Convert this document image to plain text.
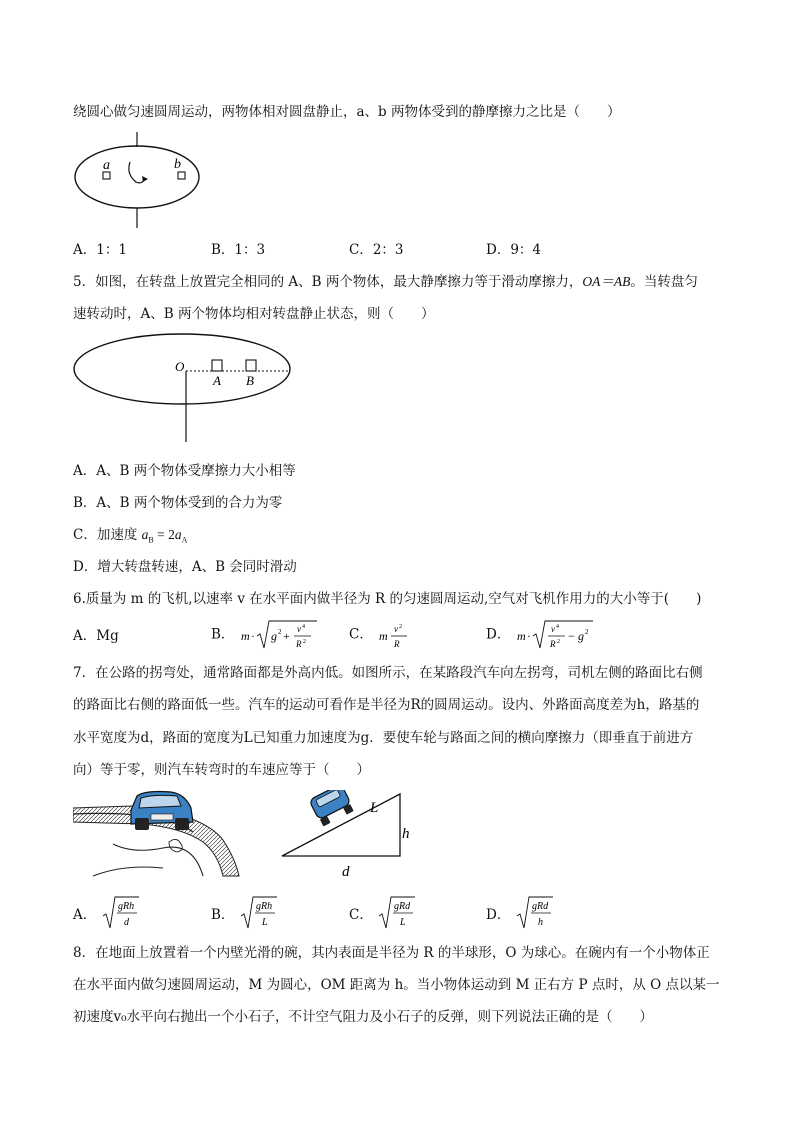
绕圆心做匀速圆周运动，两物体相对圆盘静止，a、b 两物体受到的静摩擦力之比是（　　）
a	b
A．1：1	B．1：3	C．2：3	D．9：4
5．如图，在转盘上放置完全相同的 A、B 两个物体，最大静摩擦力等于滑动摩擦力，OA＝AB。当转盘匀
速转动时，A、B 两个物体均相对转盘静止状态，则（　　）
O
A B
A．A、B 两个物体受摩擦力大小相等
B．A、B 两个物体受到的合力为零
C．加速度 $a_B = 2a_A$
D．增大转盘转速，A、B 会同时滑动
6.质量为 m 的飞机,以速率 v 在水平面内做半径为 R 的匀速圆周运动,空气对飞机作用力的大小等于(　　)
A．Mg	B． m · g 2 + v 4
R 2	C． m v 2
R
D． m · v 4
R 2 − g 2
7．在公路的拐弯处，通常路面都是外高内低。如图所示，在某路段汽车向左拐弯，司机左侧的路面比右侧
的路面比右侧的路面低一些。汽车的运动可看作是半径为R的圆周运动。设内、外路面高度差为h，路基的
水平宽度为d，路面的宽度为L已知重力加速度为g．要使车轮与路面之间的横向摩擦力（即垂直于前进方
向）等于零，则汽车转弯时的车速应等于（　　）
L
h
d
A．
gRh
d	B．
gRh
L	C．
gRd
L	D．
gRd
h
8．在地面上放置着一个内壁光滑的碗，其内表面是半径为 R 的半球形，O 为球心。在碗内有一个小物体正
在水平面内做匀速圆周运动，M 为圆心，OM 距离为 h。当小物体运动到 M 正右方 P 点时，从 O 点以某一
初速度v₀水平向右抛出一个小石子，不计空气阻力及小石子的反弹，则下列说法正确的是（　　）
